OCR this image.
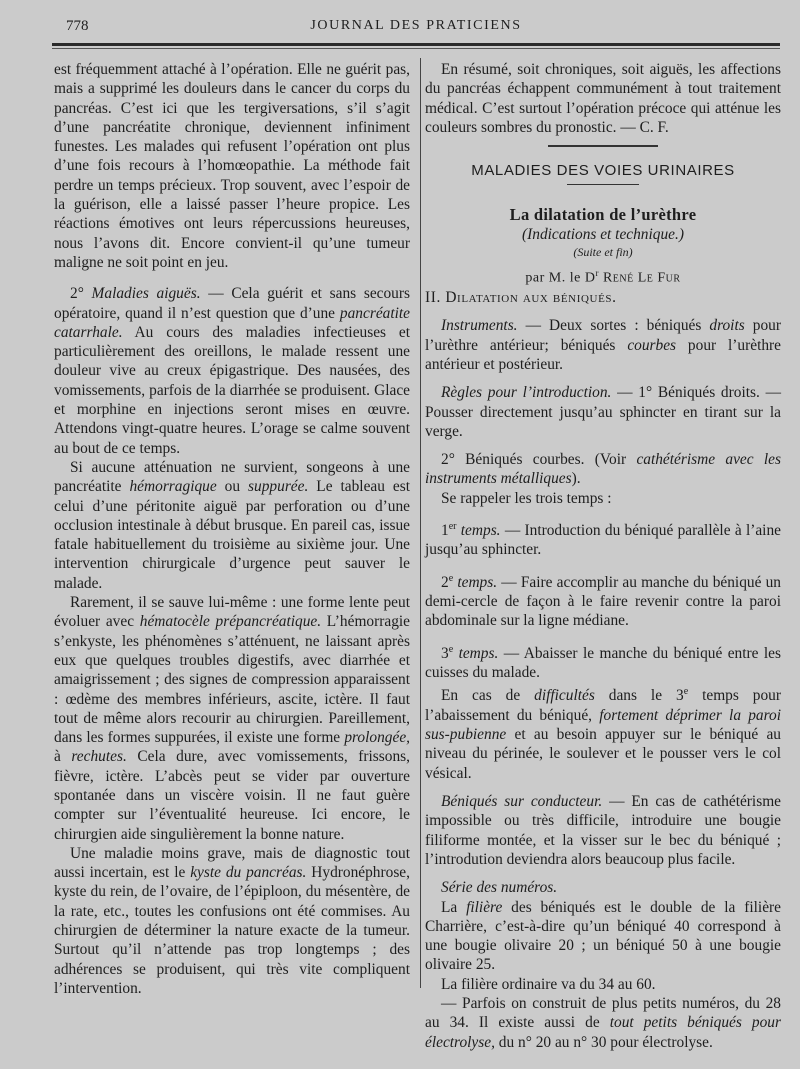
778	JOURNAL DES PRATICIENS

est fréquemment attaché à l’opération. Elle ne guérit pas, mais a supprimé les douleurs dans le cancer du corps du pancréas. C’est ici que les tergiversations, s’il s’agit d’une pancréatite chronique, deviennent infiniment funestes. Les malades qui refusent l’opération ont plus d’une fois recours à l’homœopathie. La méthode fait perdre un temps précieux. Trop souvent, avec l’espoir de la guérison, elle a laissé passer l’heure propice. Les réactions émotives ont leurs répercussions heureuses, nous l’avons dit. Encore convient-il qu’une tumeur maligne ne soit point en jeu.

2° Maladies aiguës. — Cela guérit et sans secours opératoire, quand il n’est question que d’une pancréatite catarrhale. Au cours des maladies infectieuses et particulièrement des oreillons, le malade ressent une douleur vive au creux épigastrique. Des nausées, des vomissements, parfois de la diarrhée se produisent. Glace et morphine en injections seront mises en œuvre. Attendons vingt-quatre heures. L’orage se calme souvent au bout de ce temps.

Si aucune atténuation ne survient, songeons à une pancréatite hémorragique ou suppurée. Le tableau est celui d’une péritonite aiguë par perforation ou d’une occlusion intestinale à début brusque. En pareil cas, issue fatale habituellement du troisième au sixième jour. Une intervention chirurgicale d’urgence peut sauver le malade.

Rarement, il se sauve lui-même : une forme lente peut évoluer avec hématocèle prépancréatique. L’hémorragie s’enkyste, les phénomènes s’atténuent, ne laissant après eux que quelques troubles digestifs, avec diarrhée et amaigrissement ; des signes de compression apparaissent : œdème des membres inférieurs, ascite, ictère. Il faut tout de même alors recourir au chirurgien. Pareillement, dans les formes suppurées, il existe une forme prolongée, à rechutes. Cela dure, avec vomissements, frissons, fièvre, ictère. L’abcès peut se vider par ouverture spontanée dans un viscère voisin. Il ne faut guère compter sur l’éventualité heureuse. Ici encore, le chirurgien aide singulièrement la bonne nature.

Une maladie moins grave, mais de diagnostic tout aussi incertain, est le kyste du pancréas. Hydronéphrose, kyste du rein, de l’ovaire, de l’épiploon, du mésentère, de la rate, etc., toutes les confusions ont été commises. Au chirurgien de déterminer la nature exacte de la tumeur. Surtout qu’il n’attende pas trop longtemps ; des adhérences se produisent, qui très vite compliquent l’intervention.

En résumé, soit chroniques, soit aiguës, les affections du pancréas échappent communément à tout traitement médical. C’est surtout l’opération précoce qui atténue les couleurs sombres du pronostic. — C. F.

MALADIES DES VOIES URINAIRES
La dilatation de l’urèthre
(Indications et technique.)
(Suite et fin)
par M. le $D^r$ René Le Fur

II. Dilatation aux béniqués.

Instruments. — Deux sortes : béniqués droits pour l’urèthre antérieur; béniqués courbes pour l’urèthre antérieur et postérieur.

Règles pour l’introduction. — 1° Béniqués droits. — Pousser directement jusqu’au sphincter en tirant sur la verge.

2° Béniqués courbes. (Voir cathétérisme avec les instruments métalliques).

Se rappeler les trois temps :

1er temps. — Introduction du béniqué parallèle à l’aine jusqu’au sphincter.

2e temps. — Faire accomplir au manche du béniqué un demi-cercle de façon à le faire revenir contre la paroi abdominale sur la ligne médiane.

3e temps. — Abaisser le manche du béniqué entre les cuisses du malade.

En cas de difficultés dans le 3e temps pour l’abaissement du béniqué, fortement déprimer la paroi sus-pubienne et au besoin appuyer sur le béniqué au niveau du périnée, le soulever et le pousser vers le col vésical.

Béniqués sur conducteur. — En cas de cathétérisme impossible ou très difficile, introduire une bougie filiforme montée, et la visser sur le bec du béniqué ; l’introdution deviendra alors beaucoup plus facile.

Série des numéros.

La filière des béniqués est le double de la filière Charrière, c’est-à-dire qu’un béniqué 40 correspond à une bougie olivaire 20 ; un béniqué 50 à une bougie olivaire 25.

La filière ordinaire va du 34 au 60.

— Parfois on construit de plus petits numéros, du 28 au 34. Il existe aussi de tout petits béniqués pour électrolyse, du n° 20 au n° 30 pour électrolyse.
